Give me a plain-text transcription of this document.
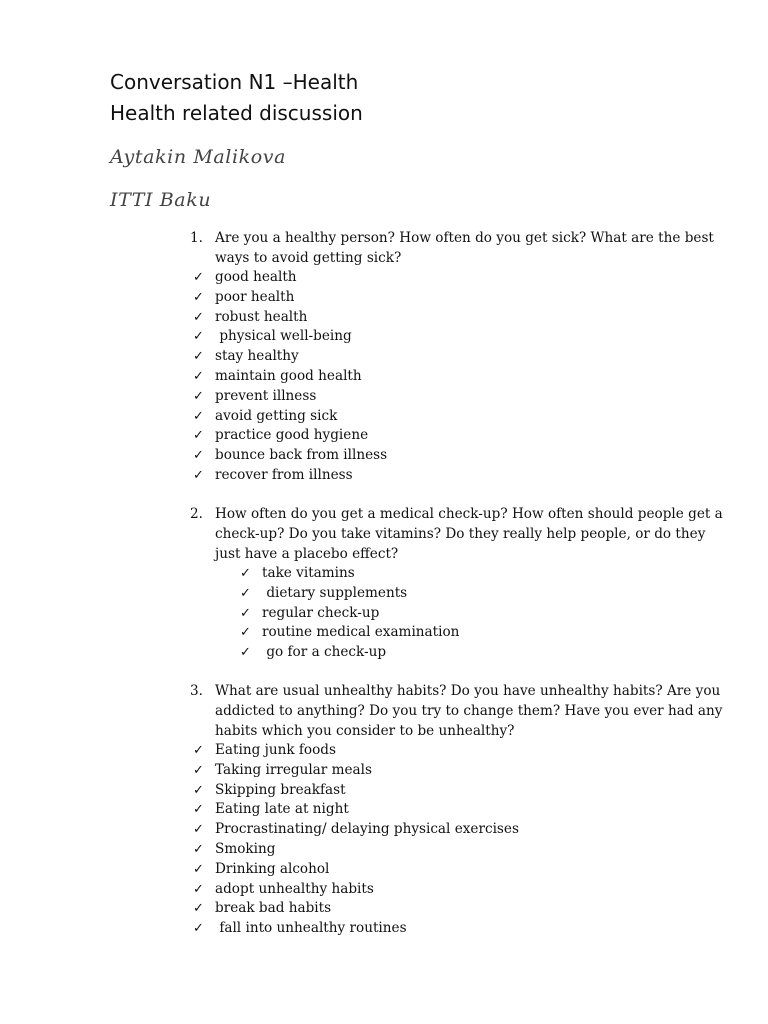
Conversation N1 –Health
Health related discussion
Aytakin Malikova
ITTI Baku
1. Are you a healthy person? How often do you get sick? What are the best ways to avoid getting sick?
✓ good health
✓ poor health
✓ robust health
✓ physical well-being
✓ stay healthy
✓ maintain good health
✓ prevent illness
✓ avoid getting sick
✓ practice good hygiene
✓ bounce back from illness
✓ recover from illness
2. How often do you get a medical check-up? How often should people get a check-up? Do you take vitamins? Do they really help people, or do they just have a placebo effect?
✓ take vitamins
✓ dietary supplements
✓ regular check-up
✓ routine medical examination
✓ go for a check-up
3. What are usual unhealthy habits? Do you have unhealthy habits? Are you addicted to anything? Do you try to change them? Have you ever had any habits which you consider to be unhealthy?
✓ Eating junk foods
✓ Taking irregular meals
✓ Skipping breakfast
✓ Eating late at night
✓ Procrastinating/ delaying physical exercises
✓ Smoking
✓ Drinking alcohol
✓ adopt unhealthy habits
✓ break bad habits
✓ fall into unhealthy routines
